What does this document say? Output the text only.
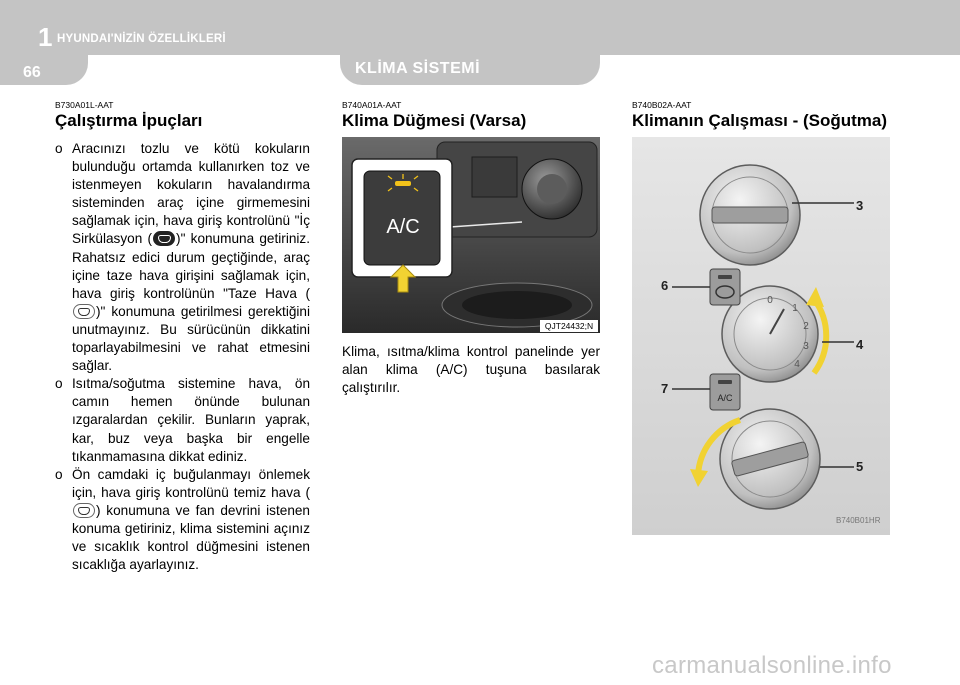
1 HYUNDAI'NİZİN ÖZELLİKLERİ
66	KLİMA SİSTEMİ
B730A01L-AAT
Çalıştırma İpuçları

o Aracınızı tozlu ve kötü kokuların bulunduğu ortamda kullanırken toz ve istenmeyen kokuların havalandırma sisteminden araç içine girmemesini sağlamak için, hava giriş kontrolünü "İç Sirkülasyon ( )" konumuna getiriniz. Rahatsız edici durum geçtiğinde, araç içine taze hava girişini sağlamak için, hava giriş kontrolünün "Taze Hava ()" konumuna getirilmesi gerektiğini unutmayınız. Bu sürücünün dikkatini toparlayabilmesini ve rahat etmesini sağlar.

o Isıtma/soğutma sistemine hava, ön camın hemen önünde bulunan ızgaralardan çekilir. Bunların yaprak, kar, buz veya başka bir engelle tıkanmamasına dikkat ediniz.

o Ön camdaki iç buğulanmayı önlemek için, hava giriş kontrolünü temiz hava () konumuna ve fan devrini istenen konuma getiriniz, klima sistemini açınız ve sıcaklık kontrol düğmesini istenen sıcaklığa ayarlayınız.

B740A01A-AAT
Klima Düğmesi (Varsa)
A/C
QJT24432;N
Klima, ısıtma/klima kontrol panelinde yer alan klima (A/C) tuşuna basılarak çalıştırılır.
B740B02A-AAT
Klimanın Çalışması - (Soğutma)
0
1
2
3
4
A/C
3
6
4
7
5
B740B01HR
carmanualsonline.info
